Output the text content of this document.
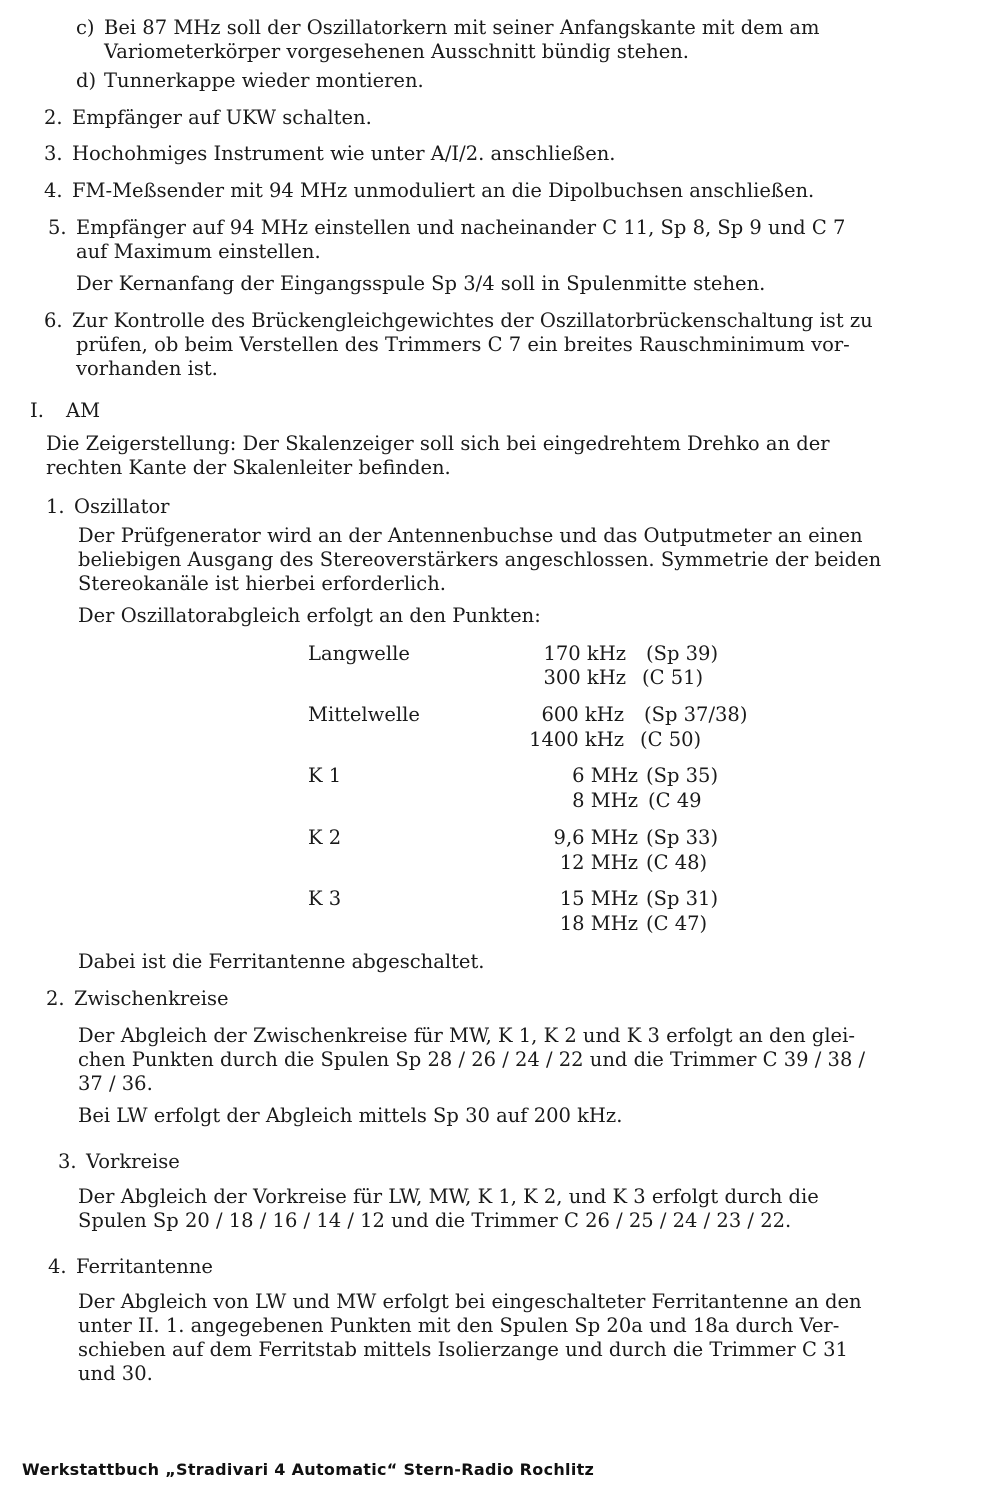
c) Bei 87 MHz soll der Oszillatorkern mit seiner Anfangskante mit dem am
Variometerkörper vorgesehenen Ausschnitt bündig stehen.
d) Tunnerkappe wieder montieren.
2. Empfänger auf UKW schalten.
3. Hochohmiges Instrument wie unter A/I/2. anschließen.
4. FM-Meßsender mit 94 MHz unmoduliert an die Dipolbuchsen anschließen.
5. Empfänger auf 94 MHz einstellen und nacheinander C 11, Sp 8, Sp 9 und C 7
auf Maximum einstellen.
Der Kernanfang der Eingangsspule Sp 3/4 soll in Spulenmitte stehen.
6. Zur Kontrolle des Brückengleichgewichtes der Oszillatorbrückenschaltung ist zu
prüfen, ob beim Verstellen des Trimmers C 7 ein breites Rauschminimum vor-
vorhanden ist.
I. AM
Die Zeigerstellung: Der Skalenzeiger soll sich bei eingedrehtem Drehko an der
rechten Kante der Skalenleiter befinden.
1. Oszillator
Der Prüfgenerator wird an der Antennenbuchse und das Outputmeter an einen
beliebigen Ausgang des Stereoverstärkers angeschlossen. Symmetrie der beiden
Stereokanäle ist hierbei erforderlich.
Der Oszillatorabgleich erfolgt an den Punkten:
Langwelle	170 kHz (Sp 39)
300 kHz (C 51)
Mittelwelle	600 kHz (Sp 37/38)
1400 kHz (C 50)
K 1	6 MHz (Sp 35)
8 MHz (C 49
K 2	9,6 MHz (Sp 33)
12 MHz (C 48)
K 3	15 MHz (Sp 31)
18 MHz (C 47)
Dabei ist die Ferritantenne abgeschaltet.
2. Zwischenkreise
Der Abgleich der Zwischenkreise für MW, K 1, K 2 und K 3 erfolgt an den glei-
chen Punkten durch die Spulen Sp 28 / 26 / 24 / 22 und die Trimmer C 39 / 38 /
37 / 36.
Bei LW erfolgt der Abgleich mittels Sp 30 auf 200 kHz.
3. Vorkreise
Der Abgleich der Vorkreise für LW, MW, K 1, K 2, und K 3 erfolgt durch die
Spulen Sp 20 / 18 / 16 / 14 / 12 und die Trimmer C 26 / 25 / 24 / 23 / 22.
4. Ferritantenne
Der Abgleich von LW und MW erfolgt bei eingeschalteter Ferritantenne an den
unter II. 1. angegebenen Punkten mit den Spulen Sp 20a und 18a durch Ver-
schieben auf dem Ferritstab mittels Isolierzange und durch die Trimmer C 31
und 30.
Werkstattbuch „Stradivari 4 Automatic“ Stern-Radio Rochlitz
